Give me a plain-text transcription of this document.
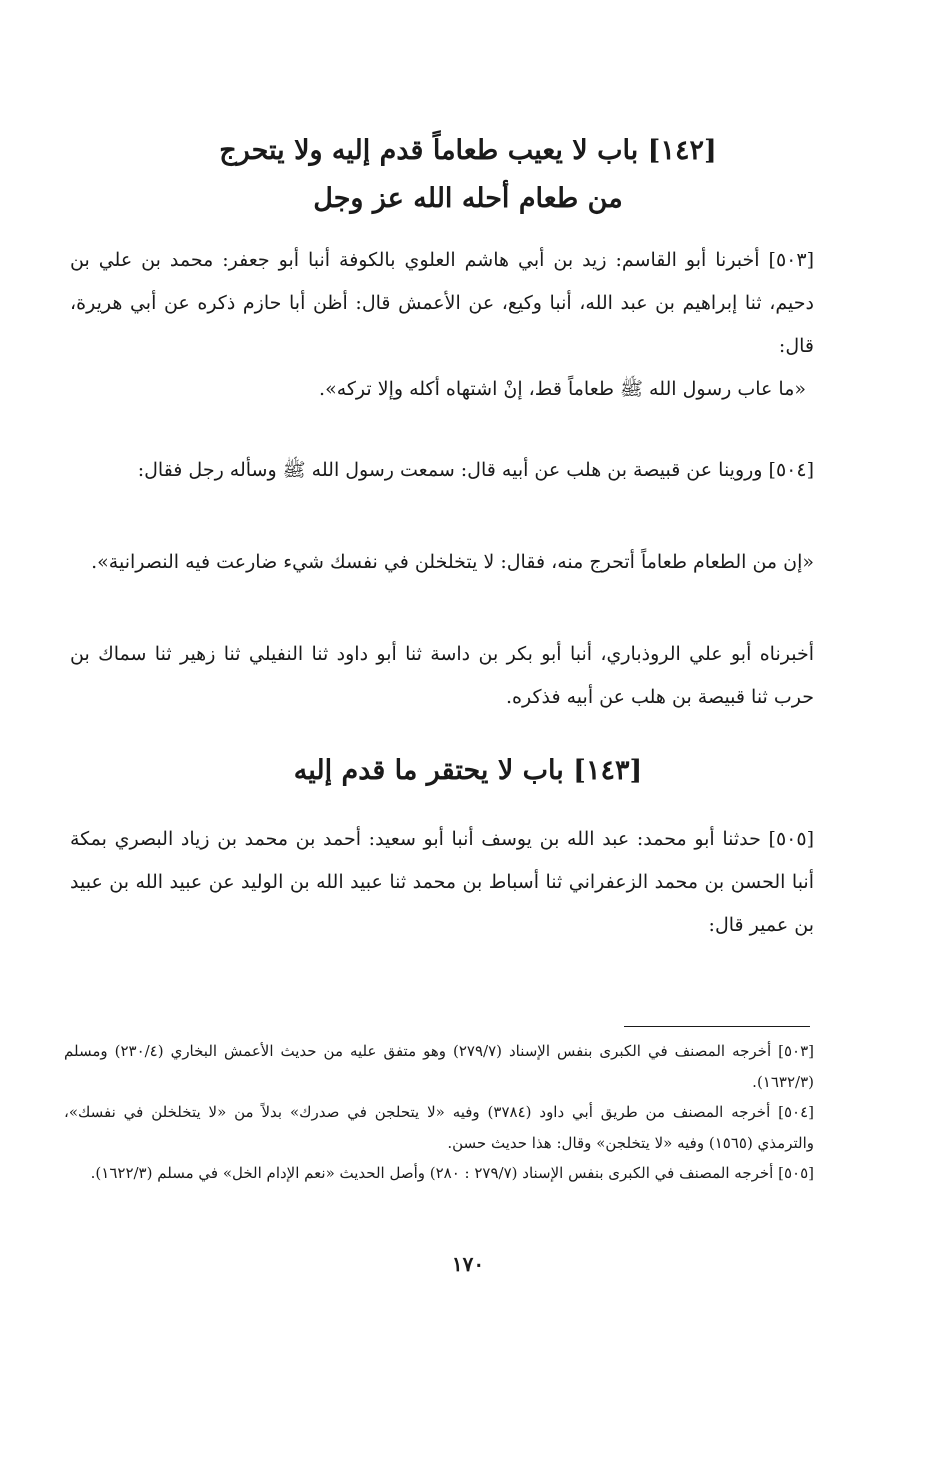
[١٤٢] باب لا يعيب طعاماً قدم إليه ولا يتحرج
من طعام أحله الله عز وجل

[٥٠٣] أخبرنا أبو القاسم: زيد بن أبي هاشم العلوي بالكوفة أنبا أبو جعفر: محمد بن علي بن دحيم، ثنا إبراهيم بن عبد الله، أنبا وكيع، عن الأعمش قال: أظن أبا حازم ذكره عن أبي هريرة، قال:

«ما عاب رسول الله ﷺ طعاماً قط، إنْ اشتهاه أكله وإلا تركه».

[٥٠٤] وروينا عن قبيصة بن هلب عن أبيه قال: سمعت رسول الله ﷺ وسأله رجل فقال:

«إن من الطعام طعاماً أتحرج منه، فقال: لا يتخلخلن في نفسك شيء ضارعت فيه النصرانية».

أخبرناه أبو علي الروذباري، أنبا أبو بكر بن داسة ثنا أبو داود ثنا النفيلي ثنا زهير ثنا سماك بن حرب ثنا قبيصة بن هلب عن أبيه فذكره.

[١٤٣] باب لا يحتقر ما قدم إليه

[٥٠٥] حدثنا أبو محمد: عبد الله بن يوسف أنبا أبو سعيد: أحمد بن محمد بن زياد البصري بمكة أنبا الحسن بن محمد الزعفراني ثنا أسباط بن محمد ثنا عبيد الله بن الوليد عن عبيد الله بن عبيد بن عمير قال:

[٥٠٣] أخرجه المصنف في الكبرى بنفس الإسناد (٢٧٩/٧) وهو متفق عليه من حديث الأعمش البخاري (٢٣٠/٤) ومسلم (١٦٣٢/٣).

[٥٠٤] أخرجه المصنف من طريق أبي داود (٣٧٨٤) وفيه «لا يتحلجن في صدرك» بدلاً من «لا يتخلخلن في نفسك»، والترمذي (١٥٦٥) وفيه «لا يتخلجن» وقال: هذا حديث حسن.

[٥٠٥] أخرجه المصنف في الكبرى بنفس الإسناد (٢٧٩/٧ : ٢٨٠) وأصل الحديث «نعم الإدام الخل» في مسلم (١٦٢٢/٣).

١٧٠
